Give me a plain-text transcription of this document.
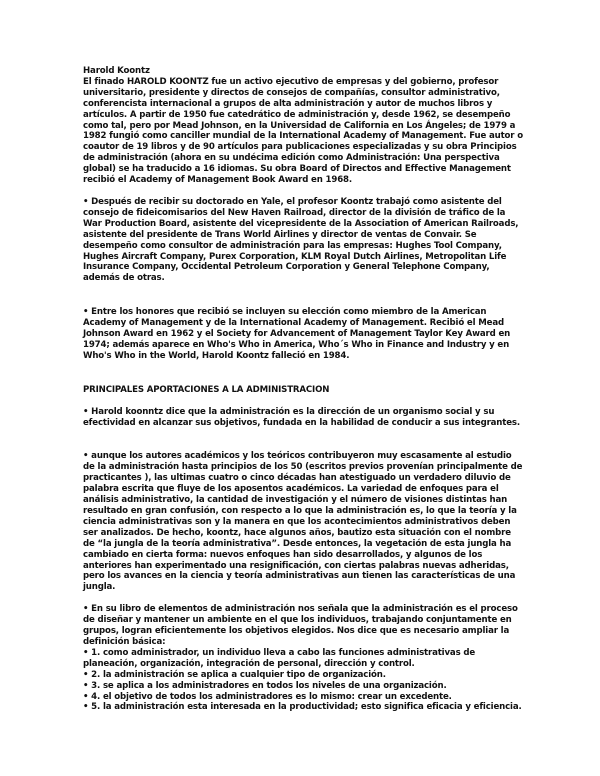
Harold Koontz

El finado HAROLD KOONTZ fue un activo ejecutivo de empresas y del gobierno, profesor universitario, presidente y directos de consejos de compañías, consultor administrativo, conferencista internacional a grupos de alta administración y autor de muchos libros y artículos. A partir de 1950 fue catedrático de administración y, desde 1962, se desempeño como tal, pero por Mead Johnson, en la Universidad de California en Los Ángeles; de 1979 a 1982 fungió como canciller mundial de la International Academy of Management. Fue autor o coautor de 19 libros y de 90 artículos para publicaciones especializadas y su obra Principios de administración (ahora en su undécima edición como Administración: Una perspectiva global) se ha traducido a 16 idiomas. Su obra Board of Directos and Effective Management recibió el Academy of Management Book Award en 1968.

• Después de recibir su doctorado en Yale, el profesor Koontz trabajó como asistente del consejo de fideicomisarios del New Haven Railroad, director de la división de tráfico de la War Production Board, asistente del vicepresidente de la Association of American Railroads, asistente del presidente de Trans World Airlines y director de ventas de Convair. Se desempeño como consultor de administración para las empresas: Hughes Tool Company, Hughes Aircraft Company, Purex Corporation, KLM Royal Dutch Airlines, Metropolitan Life Insurance Company, Occidental Petroleum Corporation y General Telephone Company, además de otras.

• Entre los honores que recibió se incluyen su elección como miembro de la American Academy of Management y de la International Academy of Management. Recibió el Mead Johnson Award en 1962 y el Society for Advancement of Management Taylor Key Award en 1974; además aparece en Who's Who in America, Who´s Who in Finance and Industry y en Who's Who in the World, Harold Koontz falleció en 1984.

PRINCIPALES APORTACIONES A LA ADMINISTRACION

• Harold koonntz dice que la administración es la dirección de un organismo social y su efectividad en alcanzar sus objetivos, fundada en la habilidad de conducir a sus integrantes.

• aunque los autores académicos y los teóricos contribuyeron muy escasamente al estudio de la administración hasta principios de los 50 (escritos previos provenían principalmente de practicantes ), las ultimas cuatro o cinco décadas han atestiguado un verdadero diluvio de palabra escrita que fluye de los aposentos académicos. La variedad de enfoques para el análisis administrativo, la cantidad de investigación y el número de visiones distintas han resultado en gran confusión, con respecto a lo que la administración es, lo que la teoría y la ciencia administrativas son y la manera en que los acontecimientos administrativos deben ser analizados. De hecho, koontz, hace algunos años, bautizo esta situación con el nombre de “la jungla de la teoría administrativa”. Desde entonces, la vegetación de esta jungla ha cambiado en cierta forma: nuevos enfoques han sido desarrollados, y algunos de los anteriores han experimentado una resignificación, con ciertas palabras nuevas adheridas, pero los avances en la ciencia y teoría administrativas aun tienen las características de una jungla.

• En su libro de elementos de administración nos señala que la administración es el proceso de diseñar y mantener un ambiente en el que los individuos, trabajando conjuntamente en grupos, logran eficientemente los objetivos elegidos. Nos dice que es necesario ampliar la definición básica:

• 1. como administrador, un individuo lleva a cabo las funciones administrativas de planeación, organización, integración de personal, dirección y control.
• 2. la administración se aplica a cualquier tipo de organización.
• 3. se aplica a los administradores en todos los niveles de una organización.
• 4. el objetivo de todos los administradores es lo mismo: crear un excedente.
• 5. la administración esta interesada en la productividad; esto significa eficacia y eficiencia.
